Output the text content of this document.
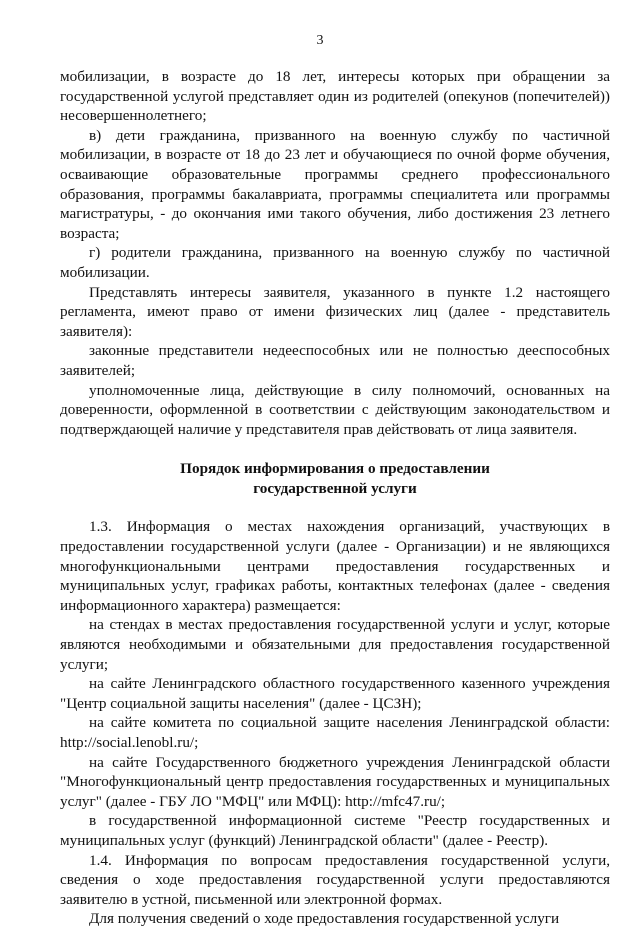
3

мобилизации, в возрасте до 18 лет, интересы которых при обращении за государственной услугой представляет один из родителей (опекунов (попечителей)) несовершеннолетнего;

в) дети гражданина, призванного на военную службу по частичной мобилизации, в возрасте от 18 до 23 лет и обучающиеся по очной форме обучения, осваивающие образовательные программы среднего профессионального образования, программы бакалавриата, программы специалитета или программы магистратуры, - до окончания ими такого обучения, либо достижения 23 летнего возраста;

г) родители гражданина, призванного на военную службу по частичной мобилизации.

Представлять интересы заявителя, указанного в пункте 1.2 настоящего регламента, имеют право от имени физических лиц (далее - представитель заявителя):

законные представители недееспособных или не полностью дееспособных заявителей;

уполномоченные лица, действующие в силу полномочий, основанных на доверенности, оформленной в соответствии с действующим законодательством и подтверждающей наличие у представителя прав действовать от лица заявителя.

Порядок информирования о предоставлении
государственной услуги

1.3. Информация о местах нахождения организаций, участвующих в предоставлении государственной услуги (далее - Организации) и не являющихся многофункциональными центрами предоставления государственных и муниципальных услуг, графиках работы, контактных телефонах (далее - сведения информационного характера) размещается:

на стендах в местах предоставления государственной услуги и услуг, которые являются необходимыми и обязательными для предоставления государственной услуги;

на сайте Ленинградского областного государственного казенного учреждения "Центр социальной защиты населения" (далее - ЦСЗН);

на сайте комитета по социальной защите населения Ленинградской области: http://social.lenobl.ru/;

на сайте Государственного бюджетного учреждения Ленинградской области "Многофункциональный центр предоставления государственных и муниципальных услуг" (далее - ГБУ ЛО "МФЦ" или МФЦ): http://mfc47.ru/;

в государственной информационной системе "Реестр государственных и муниципальных услуг (функций) Ленинградской области" (далее - Реестр).

1.4. Информация по вопросам предоставления государственной услуги, сведения о ходе предоставления государственной услуги предоставляются заявителю в устной, письменной или электронной формах.

Для получения сведений о ходе предоставления государственной услуги
